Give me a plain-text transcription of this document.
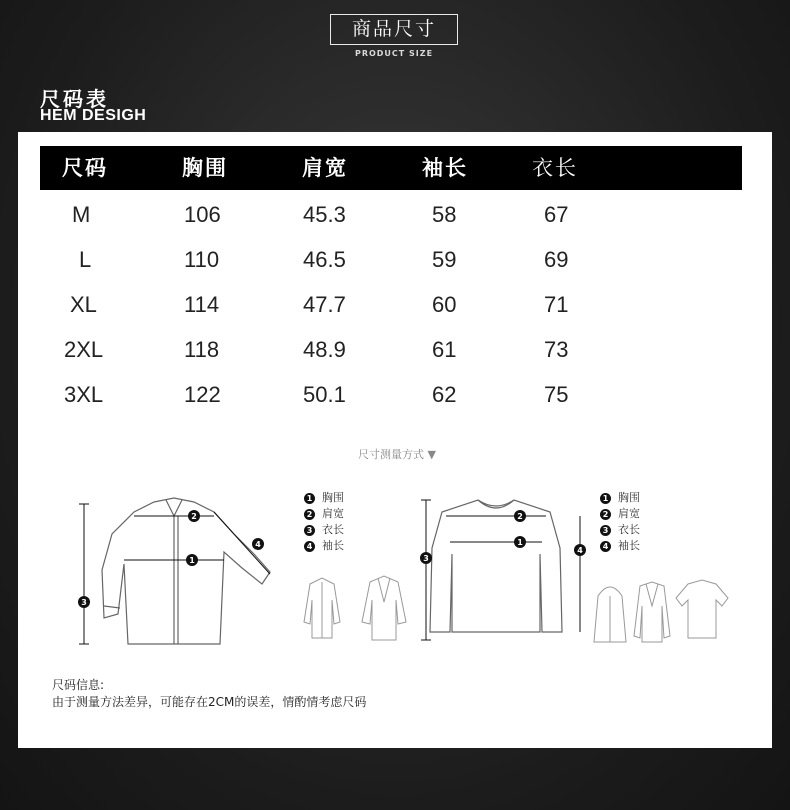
商品尺寸
PRODUCT SIZE
尺码表
HEM DESIGH
尺码	胸围	肩宽	袖长	衣长
M	106	45.3	58	67
L	110	46.5	59	69
XL	114	47.7	60	71
2XL	118	48.9	61	73
3XL	122	50.1	62	75
尺寸测量方式 ▼
3
1
2
4
1 胸围
2 肩宽
3 衣长
4 袖长
3
2
1
4
1 胸围
2 肩宽
3 衣长
4 袖长
尺码信息:
由于测量方法差异，可能存在2CM的误差，情酌情考虑尺码
